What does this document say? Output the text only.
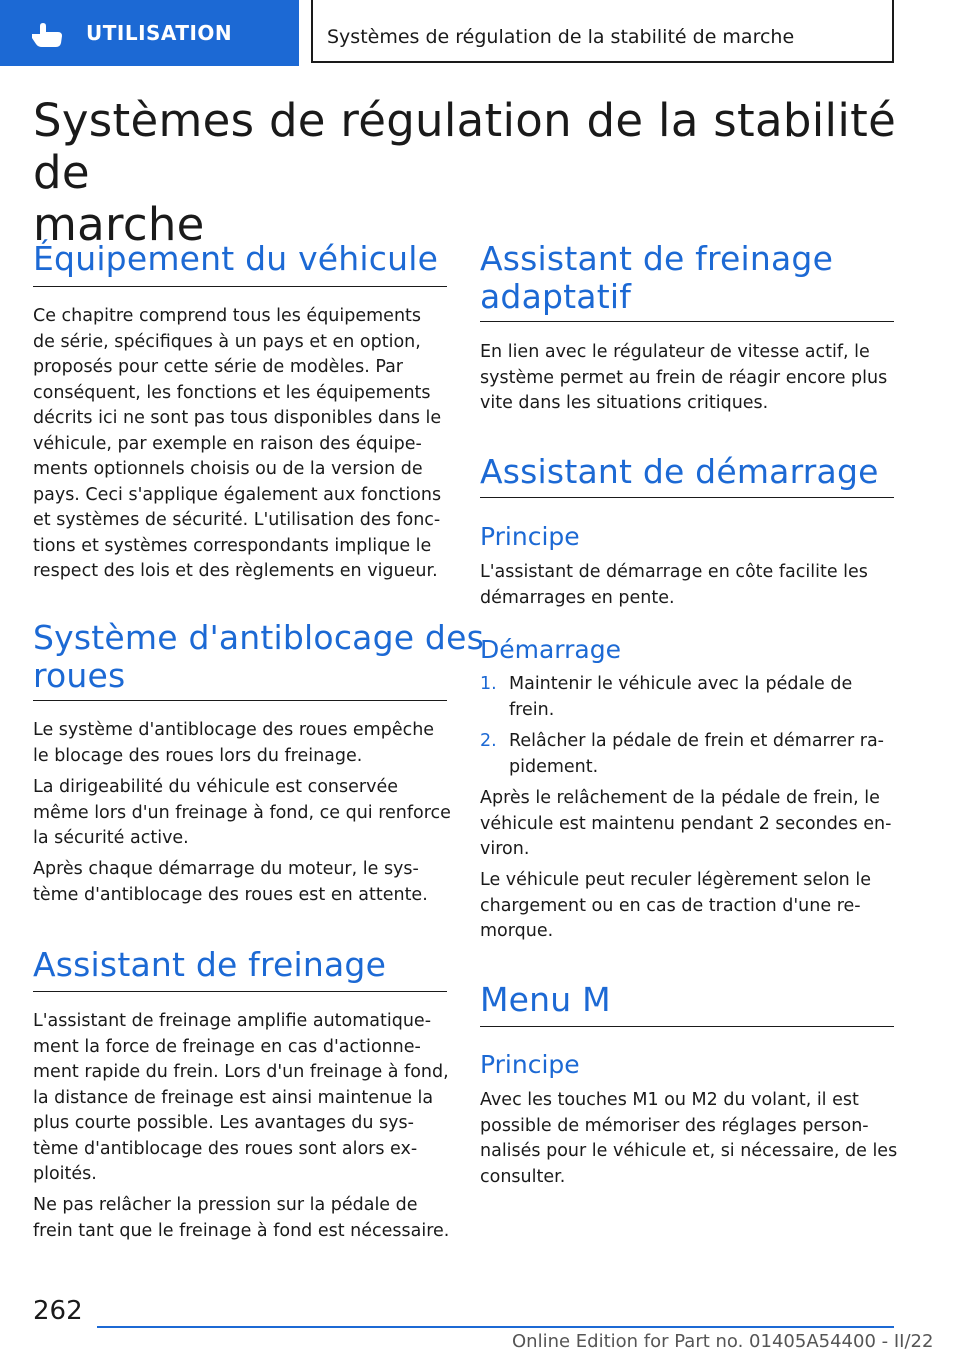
UTILISATION	Systèmes de régulation de la stabilité de marche
Systèmes de régulation de la stabilité de
marche
Équipement du véhicule
Ce chapitre comprend tous les équipements
de série, spécifiques à un pays et en option,
proposés pour cette série de modèles. Par
conséquent, les fonctions et les équipements
décrits ici ne sont pas tous disponibles dans le
véhicule, par exemple en raison des équipe‐
ments optionnels choisis ou de la version de
pays. Ceci s'applique également aux fonctions
et systèmes de sécurité. L'utilisation des fonc‐
tions et systèmes correspondants implique le
respect des lois et des règlements en vigueur.
Système d'antiblocage des
roues
Le système d'antiblocage des roues empêche
le blocage des roues lors du freinage.
La dirigeabilité du véhicule est conservée
même lors d'un freinage à fond, ce qui renforce
la sécurité active.
Après chaque démarrage du moteur, le sys‐
tème d'antiblocage des roues est en attente.
Assistant de freinage
L'assistant de freinage amplifie automatique‐
ment la force de freinage en cas d'actionne‐
ment rapide du frein. Lors d'un freinage à fond,
la distance de freinage est ainsi maintenue la
plus courte possible. Les avantages du sys‐
tème d'antiblocage des roues sont alors ex‐
ploités.
Ne pas relâcher la pression sur la pédale de
frein tant que le freinage à fond est nécessaire.
Assistant de freinage
adaptatif
En lien avec le régulateur de vitesse actif, le
système permet au frein de réagir encore plus
vite dans les situations critiques.
Assistant de démarrage
Principe
L'assistant de démarrage en côte facilite les
démarrages en pente.
Démarrage
1. Maintenir le véhicule avec la pédale de
frein.
2. Relâcher la pédale de frein et démarrer ra‐
pidement.
Après le relâchement de la pédale de frein, le
véhicule est maintenu pendant 2 secondes en‐
viron.
Le véhicule peut reculer légèrement selon le
chargement ou en cas de traction d'une re‐
morque.
Menu M
Principe
Avec les touches M1 ou M2 du volant, il est
possible de mémoriser des réglages person‐
nalisés pour le véhicule et, si nécessaire, de les
consulter.
262
Online Edition for Part no. 01405A54400 - II/22
